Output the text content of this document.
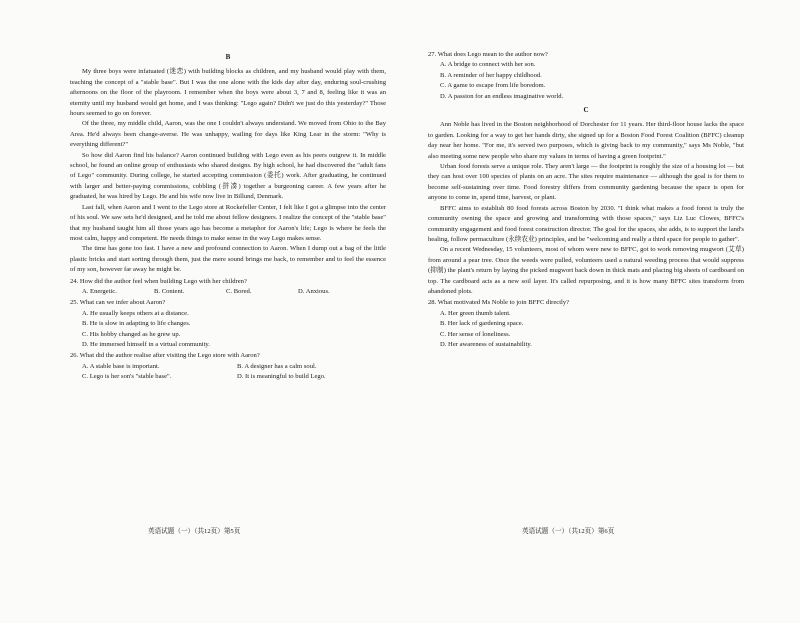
B

My three boys were infatuated (迷恋) with building blocks as children, and my husband would play with them, teaching the concept of a "stable base". But I was the one alone with the kids day after day, enduring soul-crushing afternoons on the floor of the playroom. I remember when the boys were about 3, 7 and 8, feeling like it was an eternity until my husband would get home, and I was thinking: "Lego again? Didn't we just do this yesterday?" Those hours seemed to go on forever.

Of the three, my middle child, Aaron, was the one I couldn't always understand. We moved from Ohio to the Bay Area. He'd always been change-averse. He was unhappy, wailing for days like King Lear in the storm: "Why is everything different?"

So how did Aaron find his balance? Aaron continued building with Lego even as his peers outgrew it. In middle school, he found an online group of enthusiasts who shared designs. By high school, he had discovered the "adult fans of Lego" community. During college, he started accepting commission (委托) work. After graduating, he continued with larger and better-paying commissions, cobbling (拼凑) together a burgeoning career. A few years after he graduated, he was hired by Lego. He and his wife now live in Billund, Denmark.

Last fall, when Aaron and I went to the Lego store at Rockefeller Center, I felt like I got a glimpse into the center of his soul. We saw sets he'd designed, and he told me about fellow designers. I realize the concept of the "stable base" that my husband taught him all those years ago has become a metaphor for Aaron's life; Lego is where he feels the most calm, happy and competent. He needs things to make sense in the way Lego makes sense.

The time has gone too fast. I have a new and profound connection to Aaron. When I dump out a bag of the little plastic bricks and start sorting through them, just the mere sound brings me back, to remember and to feel the essence of my son, however far away he might be.

24. How did the author feel when building Lego with her children?

A. Energetic.	B. Content.	C. Bored.	D. Anxious.

25. What can we infer about Aaron?

A. He usually keeps others at a distance.

B. He is slow in adapting to life changes.

C. His hobby changed as he grew up.

D. He immersed himself in a virtual community.

26. What did the author realise after visiting the Lego store with Aaron?

A. A stable base is important.	B. A designer has a calm soul.
C. Lego is her son's "stable base".	D. It is meaningful to build Lego.

27. What does Lego mean to the author now?

A. A bridge to connect with her son.

B. A reminder of her happy childhood.

C. A game to escape from life boredom.

D. A passion for an endless imaginative world.

C

Ann Noble has lived in the Boston neighborhood of Dorchester for 11 years. Her third-floor house lacks the space to garden. Looking for a way to get her hands dirty, she signed up for a Boston Food Forest Coalition (BFFC) cleanup day near her home. "For me, it's served two purposes, which is giving back to my community," says Ms Noble, "but also meeting some new people who share my values in terms of having a green footprint."

Urban food forests serve a unique role. They aren't large — the footprint is roughly the size of a housing lot — but they can host over 100 species of plants on an acre. The sites require maintenance — although the goal is for them to become self-sustaining over time. Food forestry differs from community gardening because the space is open for anyone to come in, spend time, harvest, or plant.

BFFC aims to establish 80 food forests across Boston by 2030. "I think what makes a food forest is truly the community owning the space and growing and transforming with those spaces," says Liz Luc Clowes, BFFC's community engagement and food forest construction director. The goal for the spaces, she adds, is to support the land's healing, follow permaculture (永续农业) principles, and be "welcoming and really a third space for people to gather".

On a recent Wednesday, 15 volunteers, most of whom were new to BFFC, got to work removing mugwort (艾草) from around a pear tree. Once the weeds were pulled, volunteers used a natural weeding process that would suppress (抑制) the plant's return by laying the picked mugwort back down in thick mats and placing big sheets of cardboard on top. The cardboard acts as a new soil layer. It's called repurposing, and it is how many BFFC sites transform from abandoned plots.

28. What motivated Ms Noble to join BFFC directly?

A. Her green thumb talent.

B. Her lack of gardening space.

C. Her sense of loneliness.

D. Her awareness of sustainability.

英语试题（一）（共12页）第5页	英语试题（一）（共12页）第6页
